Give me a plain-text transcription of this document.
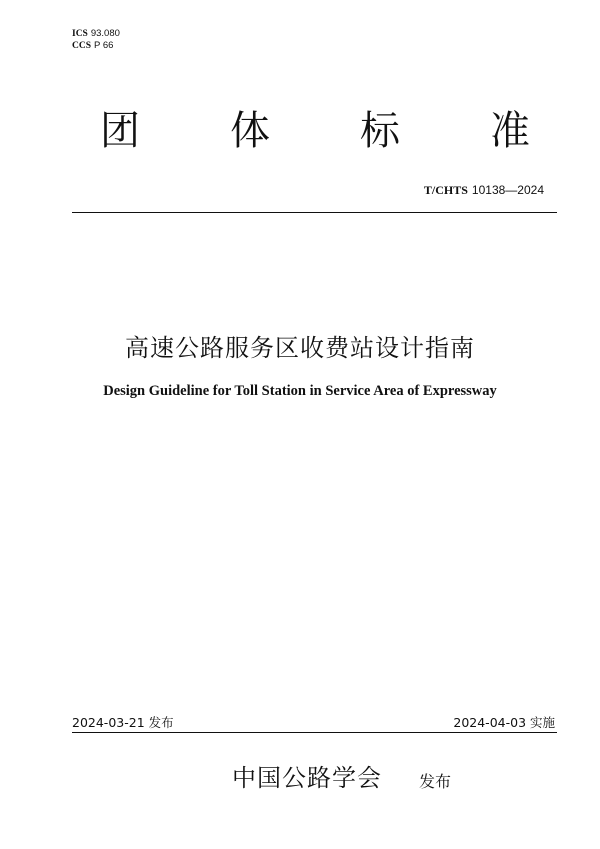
ICS 93.080
CCS P 66
团 体 标 准
T/CHTS 10138—2024
高速公路服务区收费站设计指南
Design Guideline for Toll Station in Service Area of Expressway
2024-03-21 发布	2024-04-03 实施
中国公路学会 发布
